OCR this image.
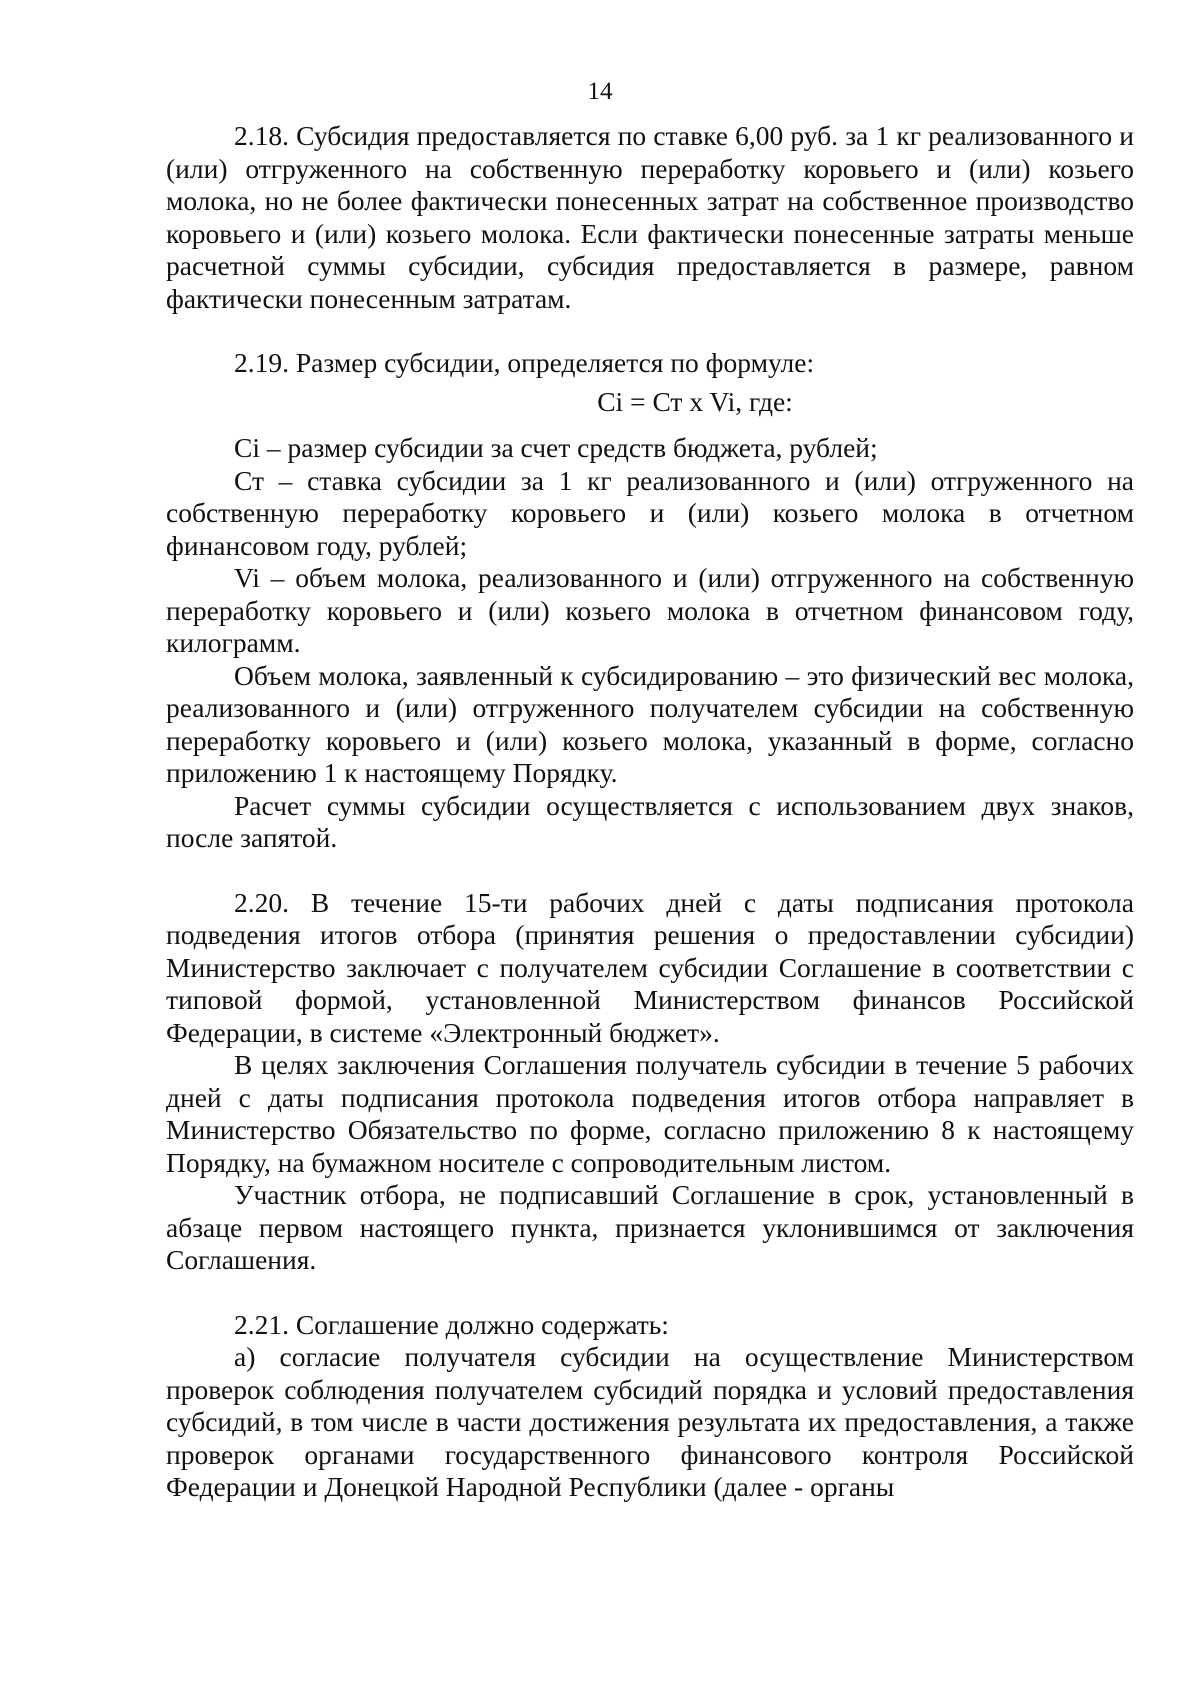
14

2.18. Субсидия предоставляется по ставке 6,00 руб. за 1 кг реализованного и (или) отгруженного на собственную переработку коровьего и (или) козьего молока, но не более фактически понесенных затрат на собственное производство коровьего и (или) козьего молока. Если фактически понесенные затраты меньше расчетной суммы субсидии, субсидия предоставляется в размере, равном фактически понесенным затратам.

2.19. Размер субсидии, определяется по формуле:

Ci = Ст x Vi, где:

Ci – размер субсидии за счет средств бюджета, рублей;

Ст – ставка субсидии за 1 кг реализованного и (или) отгруженного на собственную переработку коровьего и (или) козьего молока в отчетном финансовом году, рублей;

Vi – объем молока, реализованного и (или) отгруженного на собственную переработку коровьего и (или) козьего молока в отчетном финансовом году, килограмм.

Объем молока, заявленный к субсидированию – это физический вес молока, реализованного и (или) отгруженного получателем субсидии на собственную переработку коровьего и (или) козьего молока, указанный в форме, согласно приложению 1 к настоящему Порядку.

Расчет суммы субсидии осуществляется с использованием двух знаков, после запятой.

2.20. В течение 15-ти рабочих дней с даты подписания протокола подведения итогов отбора (принятия решения о предоставлении субсидии) Министерство заключает с получателем субсидии Соглашение в соответствии с типовой формой, установленной Министерством финансов Российской Федерации, в системе «Электронный бюджет».

В целях заключения Соглашения получатель субсидии в течение 5 рабочих дней с даты подписания протокола подведения итогов отбора направляет в Министерство Обязательство по форме, согласно приложению 8 к настоящему Порядку, на бумажном носителе с сопроводительным листом.

Участник отбора, не подписавший Соглашение в срок, установленный в абзаце первом настоящего пункта, признается уклонившимся от заключения Соглашения.

2.21. Соглашение должно содержать:

а) согласие получателя субсидии на осуществление Министерством проверок соблюдения получателем субсидий порядка и условий предоставления субсидий, в том числе в части достижения результата их предоставления, а также проверок органами государственного финансового контроля Российской Федерации и Донецкой Народной Республики (далее - органы
